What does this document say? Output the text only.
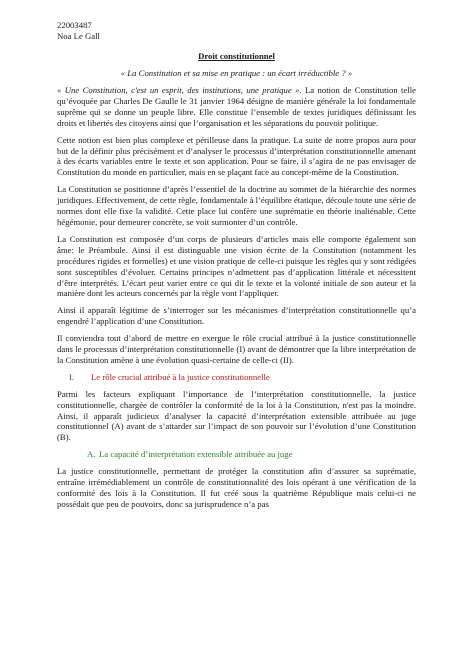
22003487
Noa Le Gall
Droit constitutionnel
« La Constitution et sa mise en pratique : un écart irréductible ? »

« Une Constitution, c'est un esprit, des institutions, une pratique ». La notion de Constitution telle qu’évoquée par Charles De Gaulle le 31 janvier 1964 désigne de manière générale la loi fondamentale suprême qui se donne un peuple libre. Elle constitue l’ensemble de textes juridiques définissant les droits et libertés des citoyens ainsi que l’organisation et les séparations du pouvoir politique.

Cette notion est bien plus complexe et périlleuse dans la pratique. La suite de notre propos aura pour but de la définir plus précisément et d’analyser le processus d’interprétation constitutionnelle amenant à des écarts variables entre le texte et son application. Pour se faire, il s’agira de ne pas envisager de Constitution du monde en particulier, mais en se plaçant face au concept-même de la Constitution.

La Constitution se positionne d’après l’essentiel de la doctrine au sommet de la hiérarchie des normes juridiques. Effectivement, de cette règle, fondamentale à l’équilibre étatique, découle toute une série de normes dont elle fixe la validité. Cette place lui confère une suprématie en théorie inaliénable. Cette hégémonie, pour demeurer concrète, se voit surmonter d’un contrôle.

La Constitution est composée d’un corps de plusieurs d’articles mais elle comporte également son âme: le Préambule. Ainsi il est distinguable une vision écrite de la Constitution (notamment les procédures rigides et formelles) et une vision pratique de celle-ci puisque les règles qui y sont rédigées sont susceptibles d’évoluer. Certains principes n’admettent pas d’application littérale et nécessitent d’être interprétés. L’écart peut varier entre ce qui dit le texte et la volonté initiale de son auteur et la manière dont les acteurs concernés par la règle vont l’appliquer.

Ainsi il apparaît légitime de s’interroger sur les mécanismes d’interprétation constitutionnelle qu’a engendré l’application d’une Constitution.

Il conviendra tout d’abord de mettre en exergue le rôle crucial attribué à la justice constitutionnelle dans le processus d’interprétation constitutionnelle (I) avant de démontrer que la libre interprétation de la Constitution amène à une évolution quasi-certaine de celle-ci (II).

I. Le rôle crucial attribué à la justice constitutionnelle

Parmi les facteurs expliquant l’importance de l’interprétation constitutionnelle, la justice constitutionnelle, chargée de contrôler la conformité de la loi à la Constitution, n'est pas la moindre. Ainsi, il apparaît judicieux d’analyser la capacité d’interprétation extensible attribuée au juge constitutionnel (A) avant de s’attarder sur l’impact de son pouvoir sur l’évolution d’une Constitution (B).

A. La capacité d’interprétation extensible attribuée au juge

La justice constitutionnelle, permettant de protéger la constitution afin d’assurer sa suprématie, entraîne irrémédiablement un contrôle de constitutionnalité des lois opérant à une vérification de la conformité des lois à la Constitution. Il fut créé sous la quatrième République mais celui-ci ne possédait que peu de pouvoirs, donc sa jurisprudence n’a pas
